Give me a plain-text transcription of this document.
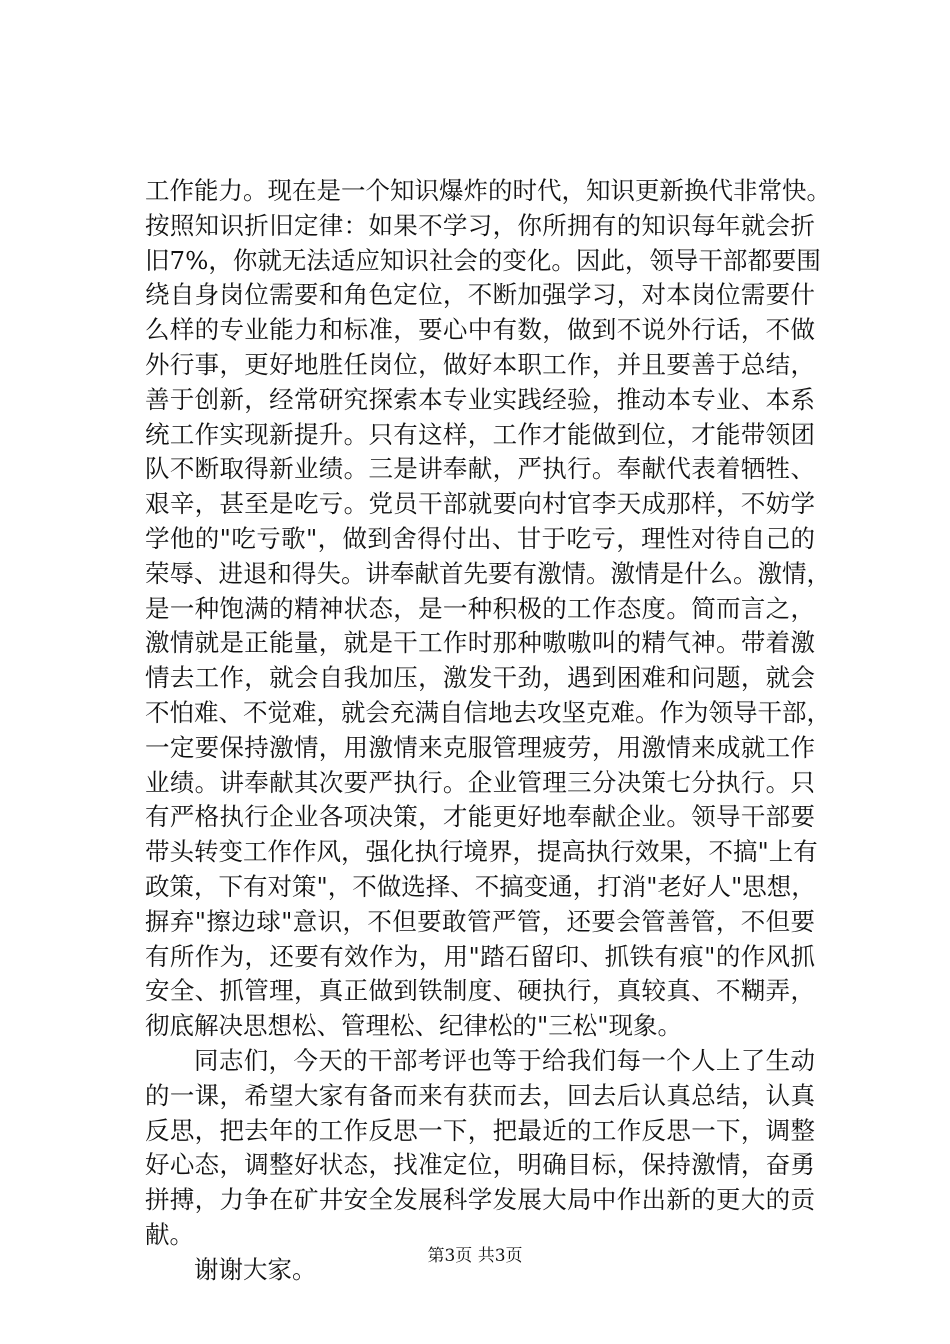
工作能力。现在是一个知识爆炸的时代，知识更新换代非常快。
按照知识折旧定律：如果不学习，你所拥有的知识每年就会折
旧7%，你就无法适应知识社会的变化。因此，领导干部都要围
绕自身岗位需要和角色定位，不断加强学习，对本岗位需要什
么样的专业能力和标准，要心中有数，做到不说外行话，不做
外行事，更好地胜任岗位，做好本职工作，并且要善于总结，
善于创新，经常研究探索本专业实践经验，推动本专业、本系
统工作实现新提升。只有这样，工作才能做到位，才能带领团
队不断取得新业绩。三是讲奉献，严执行。奉献代表着牺牲、
艰辛，甚至是吃亏。党员干部就要向村官李天成那样，不妨学
学他的"吃亏歌"，做到舍得付出、甘于吃亏，理性对待自己的
荣辱、进退和得失。讲奉献首先要有激情。激情是什么。激情，
是一种饱满的精神状态，是一种积极的工作态度。简而言之，
激情就是正能量，就是干工作时那种嗷嗷叫的精气神。带着激
情去工作，就会自我加压，激发干劲，遇到困难和问题，就会
不怕难、不觉难，就会充满自信地去攻坚克难。作为领导干部，
一定要保持激情，用激情来克服管理疲劳，用激情来成就工作
业绩。讲奉献其次要严执行。企业管理三分决策七分执行。只
有严格执行企业各项决策，才能更好地奉献企业。领导干部要
带头转变工作作风，强化执行境界，提高执行效果，不搞"上有
政策，下有对策"，不做选择、不搞变通，打消"老好人"思想，
摒弃"擦边球"意识，不但要敢管严管，还要会管善管，不但要
有所作为，还要有效作为，用"踏石留印、抓铁有痕"的作风抓
安全、抓管理，真正做到铁制度、硬执行，真较真、不糊弄，
彻底解决思想松、管理松、纪律松的"三松"现象。
同志们，今天的干部考评也等于给我们每一个人上了生动
的一课，希望大家有备而来有获而去，回去后认真总结，认真
反思，把去年的工作反思一下，把最近的工作反思一下，调整
好心态，调整好状态，找准定位，明确目标，保持激情，奋勇
拼搏，力争在矿井安全发展科学发展大局中作出新的更大的贡
献。
谢谢大家。	第3页 共3页
